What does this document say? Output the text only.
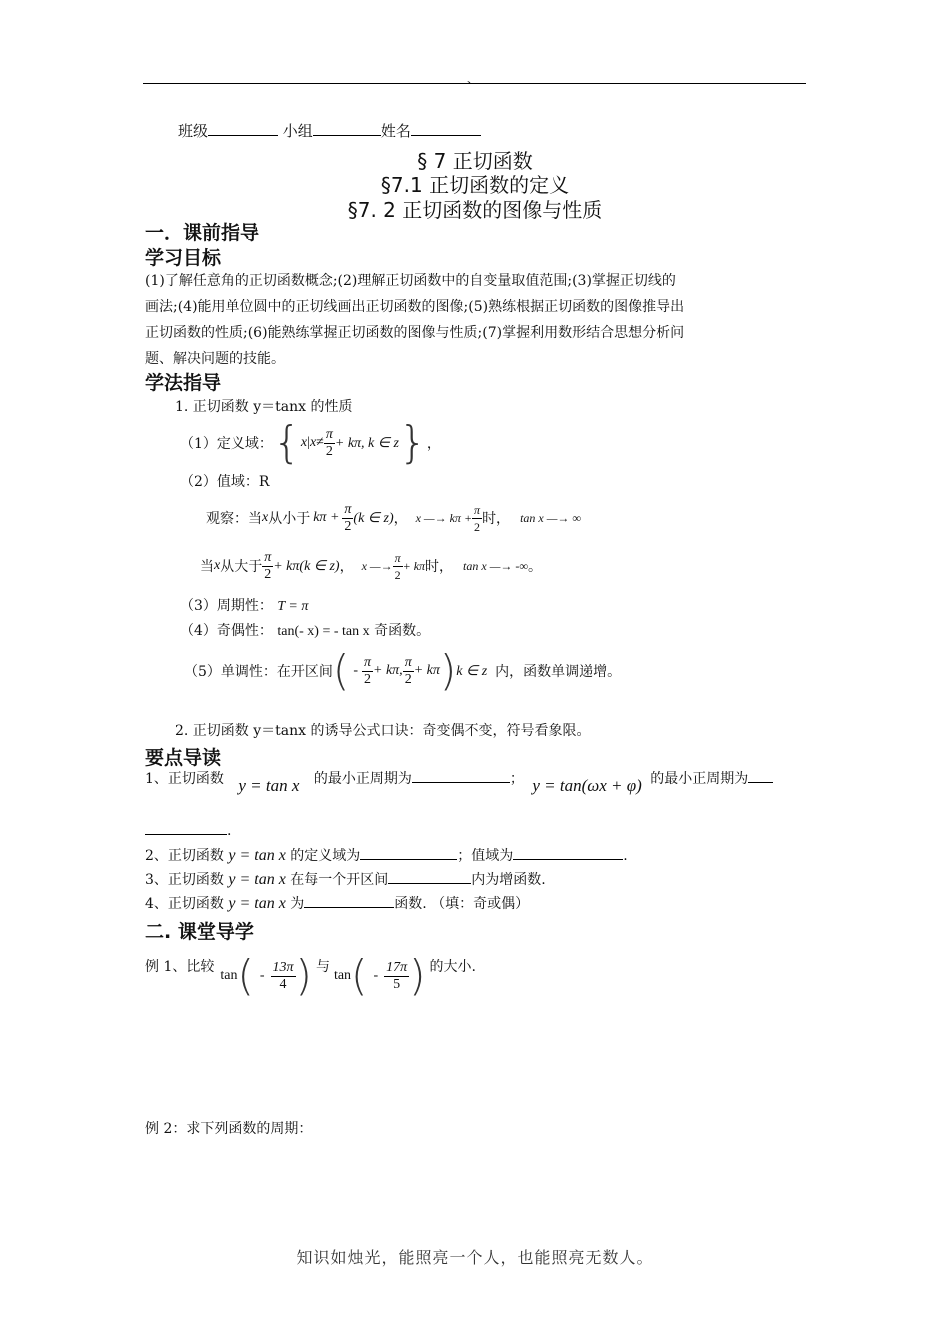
、
班级	小组	姓名
§ 7 正切函数
§7.1 正切函数的定义
§7. 2 正切函数的图像与性质
一．课前指导
学习目标
(1)了解任意角的正切函数概念;(2)理解正切函数中的自变量取值范围;(3)掌握正切线的
画法;(4)能用单位圆中的正切线画出正切函数的图像;(5)熟练根据正切函数的图像推导出
正切函数的性质;(6)能熟练掌握正切函数的图像与性质;(7)掌握利用数形结合思想分析问
题、解决问题的技能。
学法指导
1. 正切函数 y＝tanx 的性质
（1）定义域： { x | $x \ne \frac{\pi}{2} + k\pi$, k ∈ z } ，
（2）值域：R
观察：当 x 从小于 $k\pi + \frac{\pi}{2} (k$ ∈ z) ， x —→ $k\pi + \frac{\pi}{2}$ 时， tan x —→ ∞
当 x 从大于 $\frac{\pi}{2} + k\pi(k$ ∈ z) ， x —→ $\frac{\pi}{2} + k\pi$ 时， tan x —→ -∞ 。
（3）周期性： T = π
（4）奇偶性： tan(- x) = - tan x 奇函数。
（5）单调性：在开区间 ( - $\frac{\pi}{2} + k\pi$, $\frac{\pi}{2} + k\pi$ ) k ∈ z 内，函数单调递增。
2. 正切函数 y＝tanx 的诱导公式口诀：奇变偶不变，符号看象限。
要点导读
1、正切函数 y = tan x 的最小正周期为	； y = tan(ωx + φ) 的最小正周期为
.
2、正切函数 y = tan x 的定义域为	；值域为	.
3、正切函数 y = tan x 在每一个开区间	内为增函数.
4、正切函数 y = tan x 为	函数. （填：奇或偶）
二. 课堂导学
例 1、比较
tan ( - $\frac{13\pi}{4}$ ) 与
tan ( - $\frac{17\pi}{5}$ ) 的大小.
例 2：求下列函数的周期：
知识如烛光，能照亮一个人，也能照亮无数人。
